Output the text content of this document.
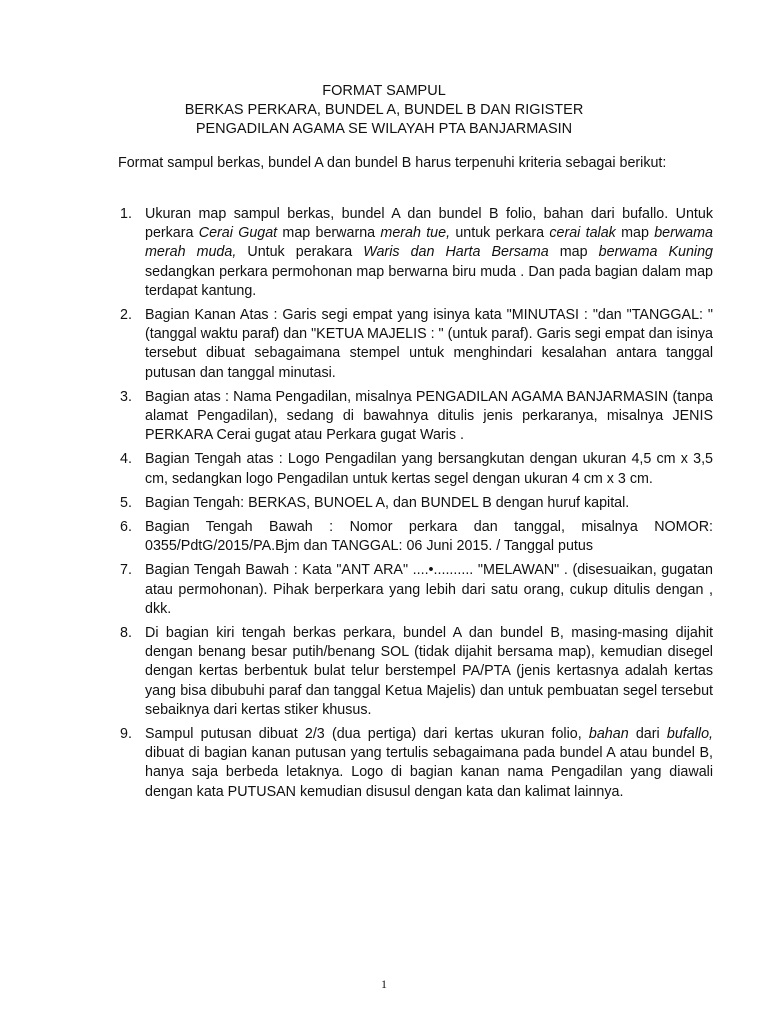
FORMAT SAMPUL
BERKAS PERKARA, BUNDEL A, BUNDEL B DAN RIGISTER
PENGADILAN AGAMA SE WILAYAH PTA BANJARMASIN
Format sampul berkas, bundel A dan bundel B harus terpenuhi kriteria sebagai berikut:
1. Ukuran map sampul berkas, bundel A dan bundel B folio, bahan dari bufallo. Untuk perkara Cerai Gugat map berwarna merah tue, untuk perkara cerai talak map berwama merah muda, Untuk perakara Waris dan Harta Bersama map berwama Kuning sedangkan perkara permohonan map berwarna biru muda . Dan pada bagian dalam map terdapat kantung.
2. Bagian Kanan Atas : Garis segi empat yang isinya kata "MINUTASI : "dan "TANGGAL: "(tanggal waktu paraf) dan "KETUA MAJELIS : " (untuk paraf). Garis segi empat dan isinya tersebut dibuat sebagaimana stempel untuk menghindari kesalahan antara tanggal putusan dan tanggal minutasi.
3. Bagian atas : Nama Pengadilan, misalnya PENGADILAN AGAMA BANJARMASIN (tanpa alamat Pengadilan), sedang di bawahnya ditulis jenis perkaranya, misalnya JENIS PERKARA Cerai gugat atau Perkara gugat Waris .
4. Bagian Tengah atas : Logo Pengadilan yang bersangkutan dengan ukuran 4,5 cm x 3,5 cm, sedangkan logo Pengadilan untuk kertas segel dengan ukuran 4 cm x 3 cm.
5. Bagian Tengah: BERKAS, BUNOEL A, dan BUNDEL B dengan huruf kapital.
6. Bagian Tengah Bawah : Nomor perkara dan tanggal, misalnya NOMOR: 0355/PdtG/2015/PA.Bjm dan TANGGAL: 06 Juni 2015. / Tanggal putus
7. Bagian Tengah Bawah : Kata "ANT ARA" ....•.......... "MELAWAN" . (disesuaikan, gugatan atau permohonan). Pihak berperkara yang lebih dari satu orang, cukup ditulis dengan , dkk.
8. Di bagian kiri tengah berkas perkara, bundel A dan bundel B, masing-masing dijahit dengan benang besar putih/benang SOL (tidak dijahit bersama map), kemudian disegel dengan kertas berbentuk bulat telur berstempel PA/PTA (jenis kertasnya adalah kertas yang bisa dibubuhi paraf dan tanggal Ketua Majelis) dan untuk pembuatan segel tersebut sebaiknya dari kertas stiker khusus.
9. Sampul putusan dibuat 2/3 (dua pertiga) dari kertas ukuran folio, bahan dari bufallo, dibuat di bagian kanan putusan yang tertulis sebagaimana pada bundel A atau bundel B, hanya saja berbeda letaknya. Logo di bagian kanan nama Pengadilan yang diawali dengan kata PUTUSAN kemudian disusul dengan kata dan kalimat lainnya.
1
